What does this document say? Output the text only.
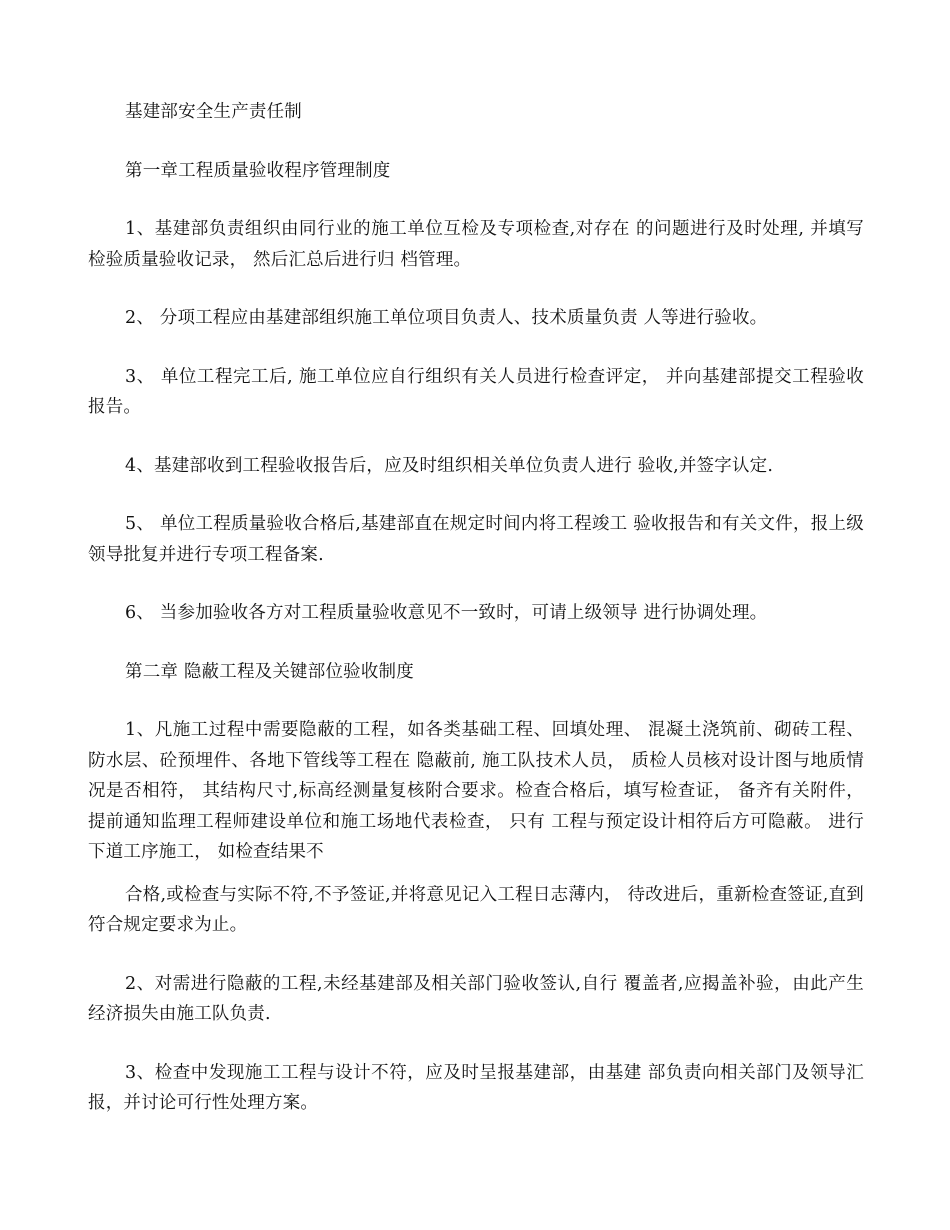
基建部安全生产责任制

第一章工程质量验收程序管理制度

1、基建部负责组织由同行业的施工单位互检及专项检查,对存在 的问题进行及时处理, 并填写检验质量验收记录， 然后汇总后进行归 档管理。

2、 分项工程应由基建部组织施工单位项目负责人、技术质量负责 人等进行验收。

3、 单位工程完工后, 施工单位应自行组织有关人员进行检查评定， 并向基建部提交工程验收报告。

4、基建部收到工程验收报告后，应及时组织相关单位负责人进行 验收,并签字认定.

5、 单位工程质量验收合格后,基建部直在规定时间内将工程竣工 验收报告和有关文件，报上级领导批复并进行专项工程备案.

6、 当参加验收各方对工程质量验收意见不一致时，可请上级领导 进行协调处理。

第二章 隐蔽工程及关键部位验收制度

1、凡施工过程中需要隐蔽的工程，如各类基础工程、回填处理、 混凝土浇筑前、砌砖工程、防水层、砼预埋件、各地下管线等工程在 隐蔽前, 施工队技术人员， 质检人员核对设计图与地质情况是否相符， 其结构尺寸,标高经测量复核附合要求。检查合格后，填写检查证， 备齐有关附件， 提前通知监理工程师建设单位和施工场地代表检查， 只有 工程与预定设计相符后方可隐蔽。 进行下道工序施工， 如检查结果不

合格,或检查与实际不符,不予签证,并将意见记入工程日志薄内， 待改进后，重新检查签证,直到符合规定要求为止。

2、对需进行隐蔽的工程,未经基建部及相关部门验收签认,自行 覆盖者,应揭盖补验，由此产生经济损失由施工队负责.

3、检查中发现施工工程与设计不符，应及时呈报基建部，由基建 部负责向相关部门及领导汇报，并讨论可行性处理方案。
